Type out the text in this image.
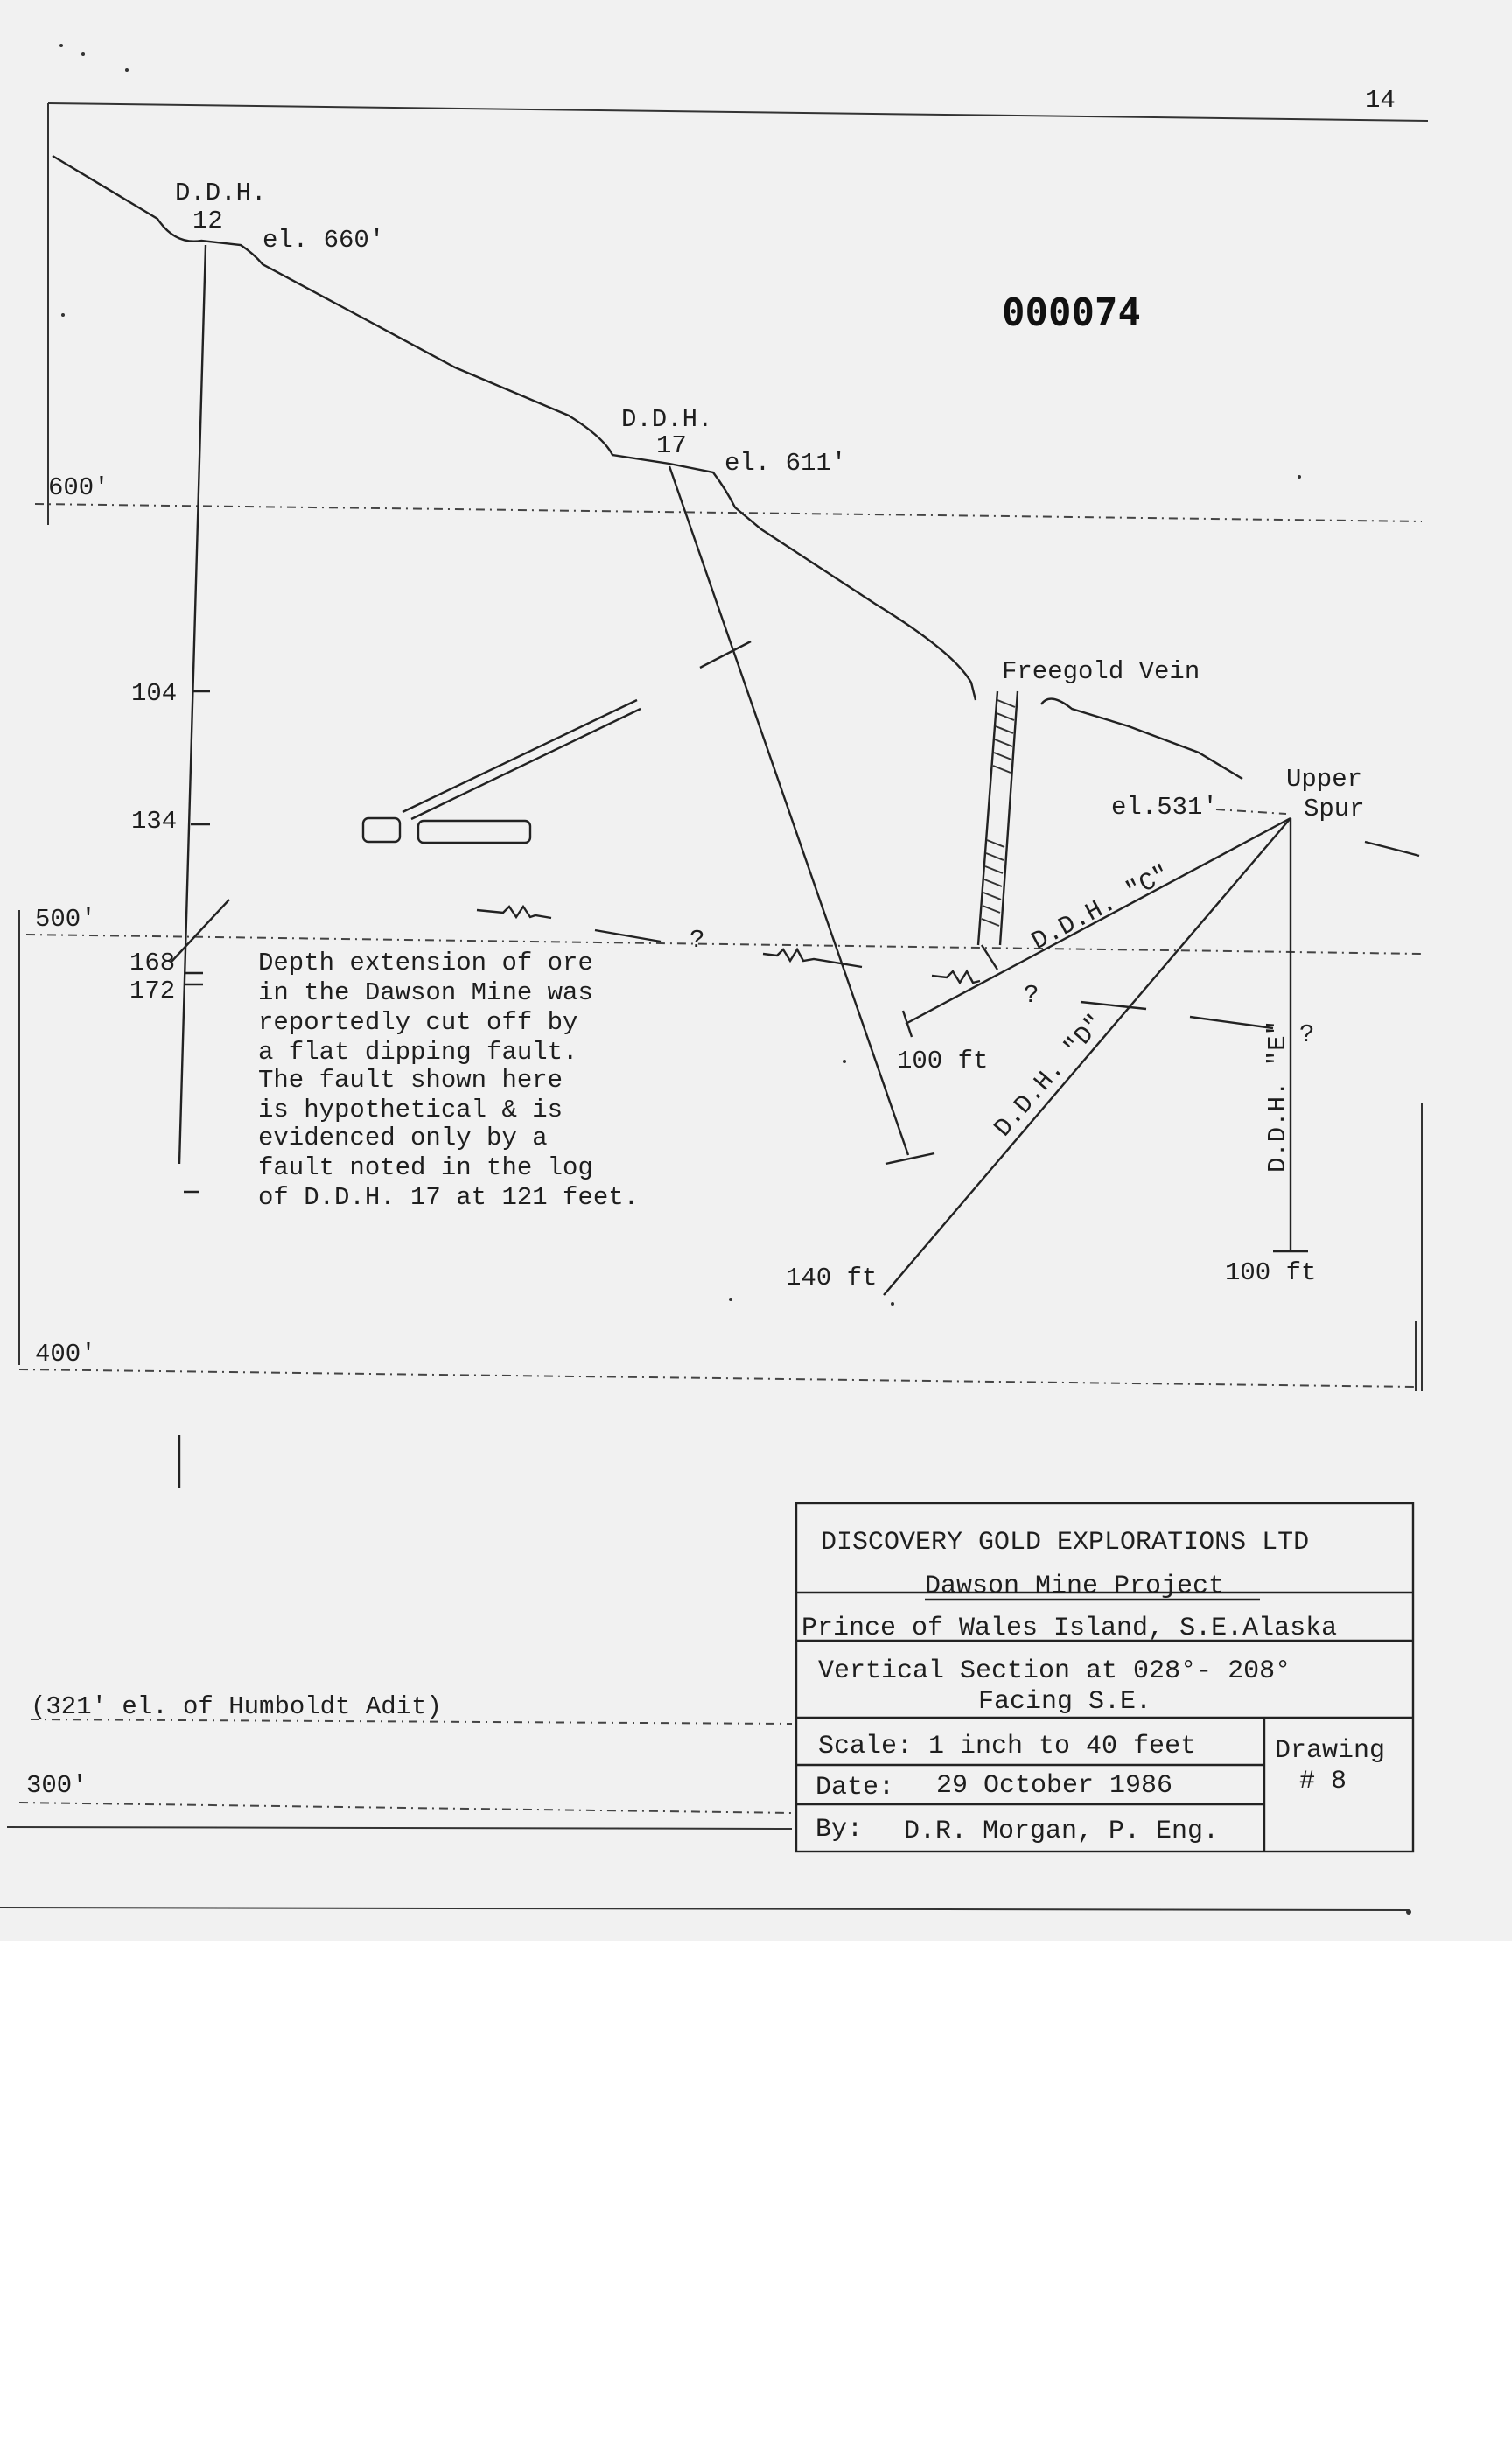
14
000074
600'
500'
400'
300'
D.D.H.
12
el. 660'
104
134
168
172
D.D.H.
17
el. 611'
?
?
?
Freegold Vein
Upper
Spur
el.531'
D.D.H. "C"
100 ft D.D.H. "D"
140 ft
D.D.H. "E"
100 ft
Depth extension of ore
in the Dawson Mine was
reportedly cut off by
a flat dipping fault.
The fault shown here
is hypothetical & is
evidenced only by a
fault noted in the log
of D.D.H. 17 at 121 feet.
(321' el. of Humboldt Adit)
DISCOVERY GOLD EXPLORATIONS LTD
Dawson Mine Project
Prince of Wales Island, S.E.Alaska
Vertical Section at 028°- 208°
Facing S.E.
Scale: 1 inch to 40 feet
Date: 29 October 1986
By: D.R. Morgan, P. Eng.
Drawing
# 8
